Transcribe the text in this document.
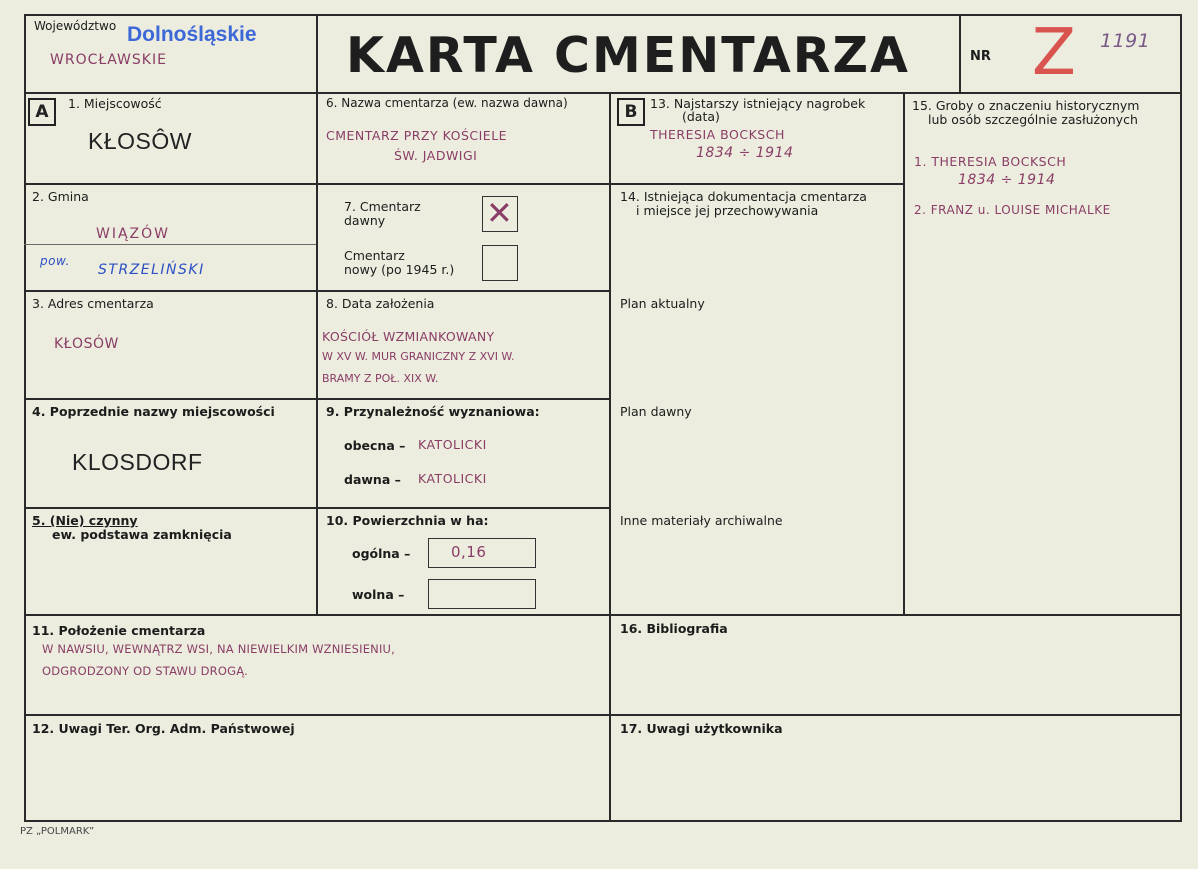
Województwo Dolnośląskie
WROCŁAWSKIE	KARTA CMENTARZA	NR Z 1191
A	1. Miejscowość
KŁOSÔW
2. Gmina
WIĄZÓW
pow.
STRZELIŃSKI
3. Adres cmentarza
KŁOSÓW
4. Poprzednie nazwy miejscowości
KLOSDORF
5. (Nie) czynny
ew. podstawa zamknięcia
6. Nazwa cmentarza (ew. nazwa dawna)
CMENTARZ PRZY KOŚCIELE
ŚW. JADWIGI
7. Cmentarz
dawny	✕
Cmentarz
nowy (po 1945 r.)
8. Data założenia
KOŚCIÓŁ WZMIANKOWANY
W XV W. MUR GRANICZNY Z XVI W.
BRAMY Z POŁ. XIX W.
9. Przynależność wyznaniowa:
obecna – KATOLICKI
dawna – KATOLICKI
10. Powierzchnia w ha:
ogólna –	0,16
wolna –
B	13. Najstarszy istniejący nagrobek
(data)
THERESIA BOCKSCH
1834 ÷ 1914
14. Istniejąca dokumentacja cmentarza
i miejsce jej przechowywania
Plan aktualny
Plan dawny
Inne materiały archiwalne
15. Groby o znaczeniu historycznym
lub osób szczególnie zasłużonych
1. THERESIA BOCKSCH
1834 ÷ 1914
2. FRANZ u. LOUISE MICHALKE
11. Położenie cmentarza
W NAWSIU, WEWNĄTRZ WSI, NA NIEWIELKIM WZNIESIENIU,
ODGRODZONY OD STAWU DROGĄ.
16. Bibliografia
12. Uwagi Ter. Org. Adm. Państwowej	17. Uwagi użytkownika
PZ „POLMARK”
